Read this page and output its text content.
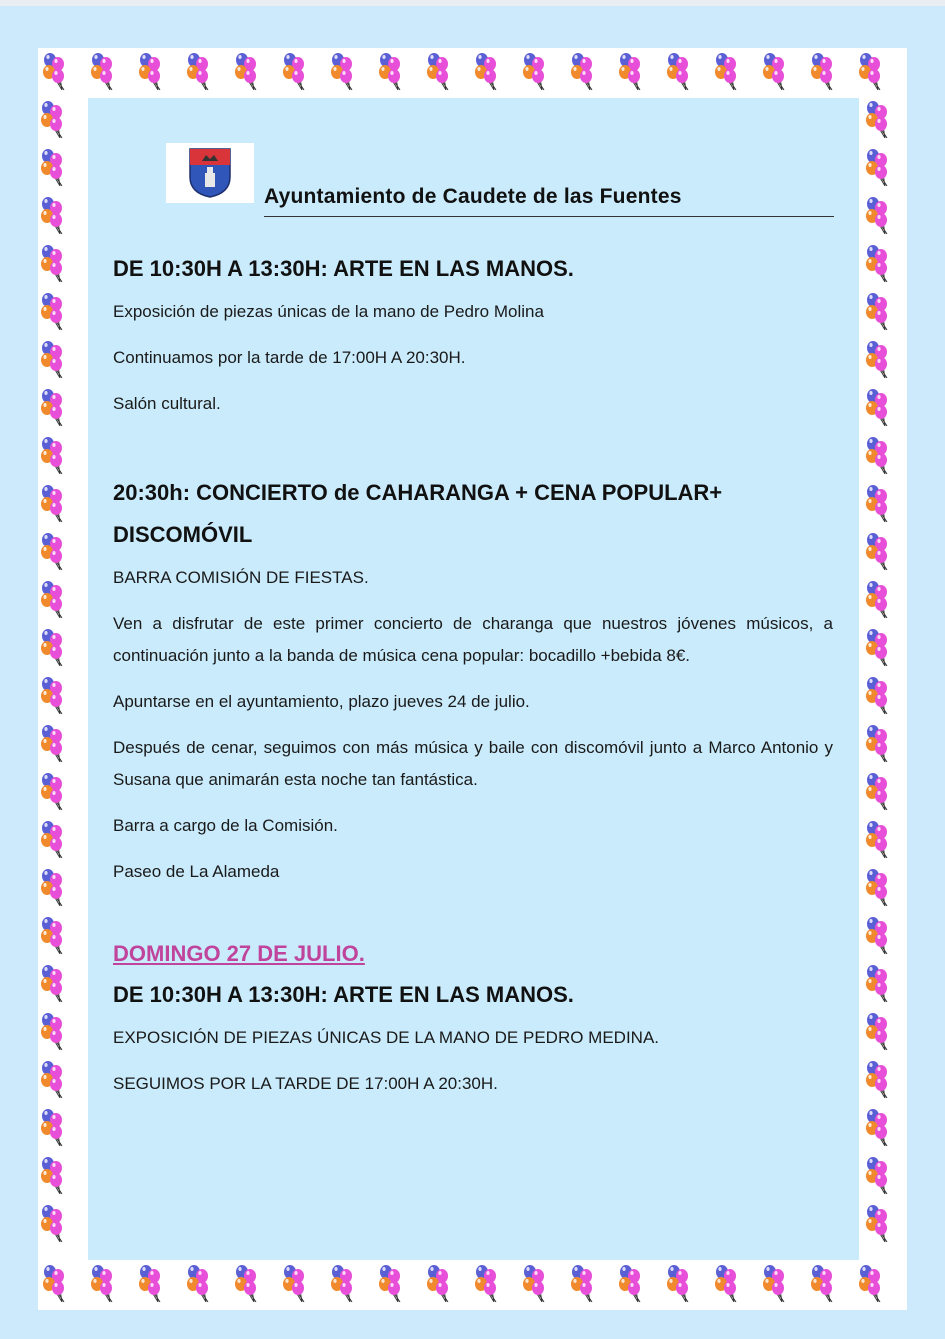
Ayuntamiento de Caudete de las Fuentes
DE 10:30H A 13:30H: ARTE EN LAS MANOS.

Exposición de piezas únicas de la mano de Pedro Molina

Continuamos por la tarde de 17:00H A 20:30H.

Salón cultural.

20:30h: CONCIERTO de CAHARANGA + CENA POPULAR+ DISCOMÓVIL

BARRA COMISIÓN DE FIESTAS.

Ven a disfrutar de este primer concierto de charanga que nuestros jóvenes músicos, a continuación junto a la banda de música cena popular: bocadillo +bebida 8€.

Apuntarse en el ayuntamiento, plazo jueves 24 de julio.

Después de cenar, seguimos con más música y baile con discomóvil junto a Marco Antonio y Susana que animarán esta noche tan fantástica.

Barra a cargo de la Comisión.

Paseo de La Alameda

DOMINGO 27 DE JULIO.
DE 10:30H A 13:30H: ARTE EN LAS MANOS.

EXPOSICIÓN DE PIEZAS ÚNICAS DE LA MANO DE PEDRO MEDINA.

SEGUIMOS POR LA TARDE DE 17:00H A 20:30H.
